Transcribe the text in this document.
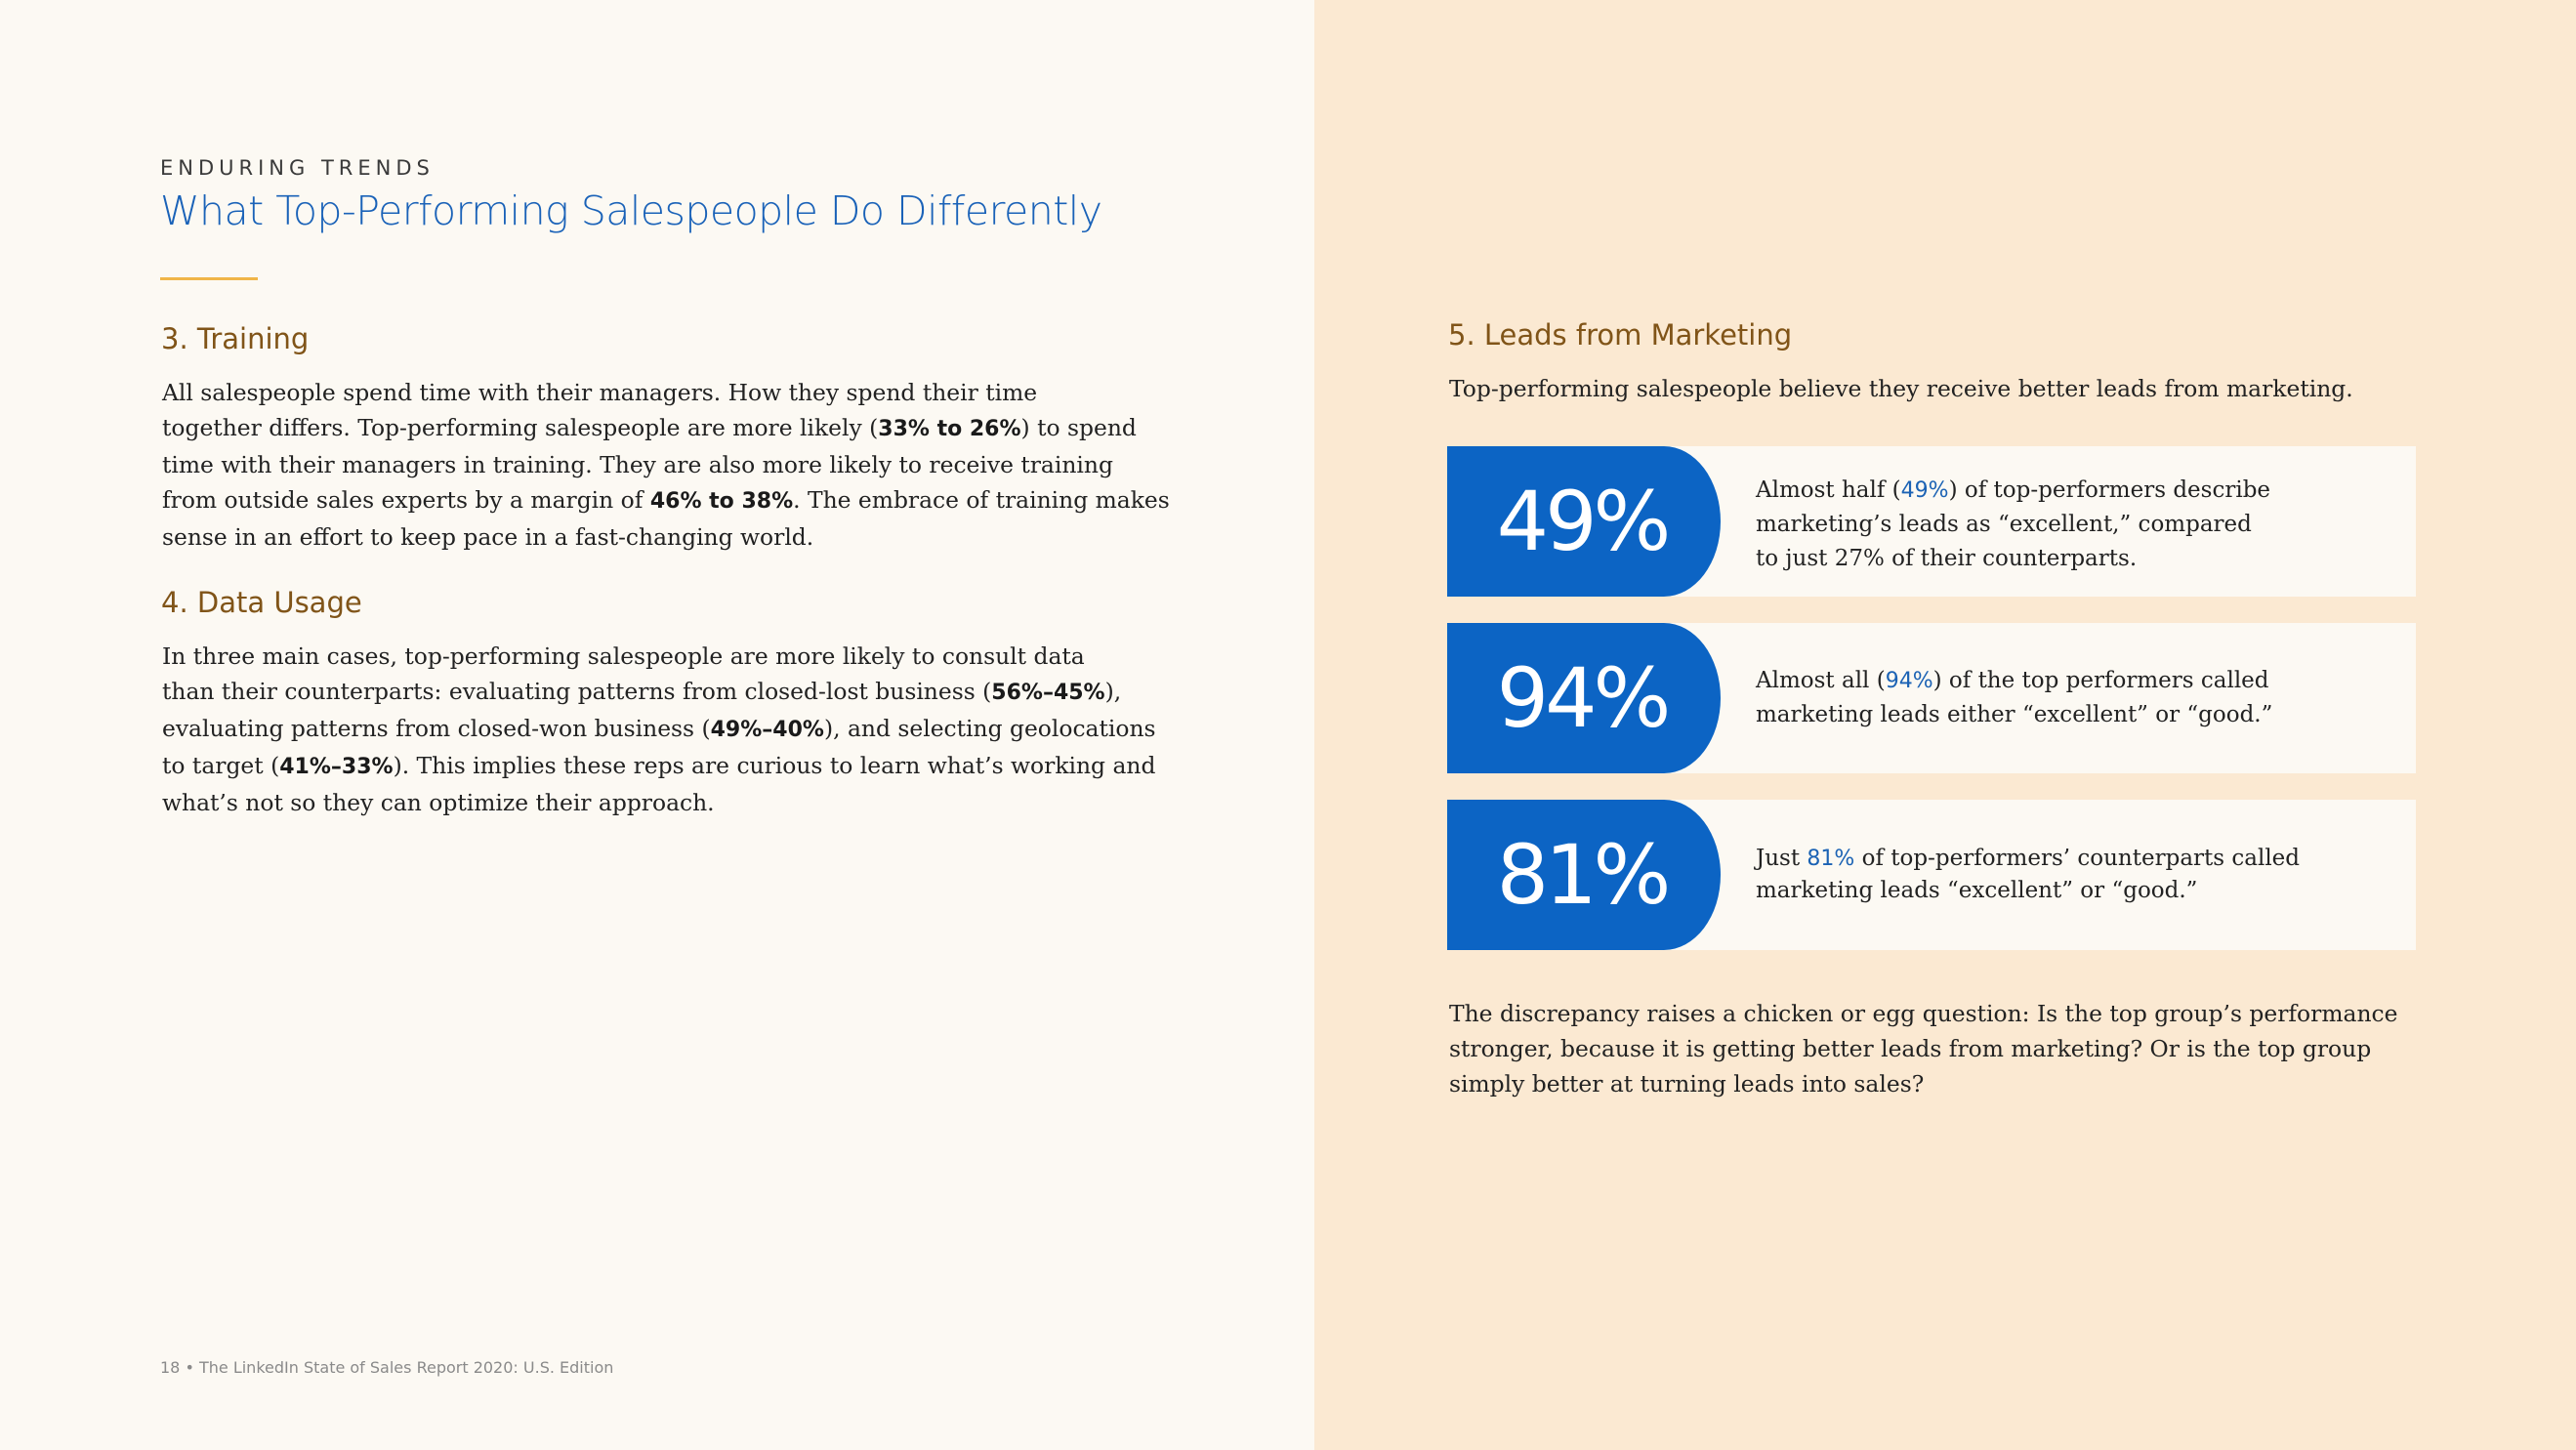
ENDURING TRENDS
What Top-Performing Salespeople Do Differently
3. Training
All salespeople spend time with their managers. How they spend their time
together differs. Top-performing salespeople are more likely (33% to 26%) to spend
time with their managers in training. They are also more likely to receive training
from outside sales experts by a margin of 46% to 38%. The embrace of training makes
sense in an effort to keep pace in a fast-changing world.
4. Data Usage
In three main cases, top-performing salespeople are more likely to consult data
than their counterparts: evaluating patterns from closed-lost business (56%–45%),
evaluating patterns from closed-won business (49%–40%), and selecting geolocations
to target (41%–33%). This implies these reps are curious to learn what’s working and
what’s not so they can optimize their approach.
18 • The LinkedIn State of Sales Report 2020: U.S. Edition
5. Leads from Marketing
Top-performing salespeople believe they receive better leads from marketing.
49%	Almost half (49%) of top-performers describe
marketing’s leads as “excellent,” compared
to just 27% of their counterparts.
94%	Almost all (94%) of the top performers called
marketing leads either “excellent” or “good.”
81%	Just 81% of top-performers’ counterparts called
marketing leads “excellent” or “good.”
The discrepancy raises a chicken or egg question: Is the top group’s performance
stronger, because it is getting better leads from marketing? Or is the top group
simply better at turning leads into sales?
